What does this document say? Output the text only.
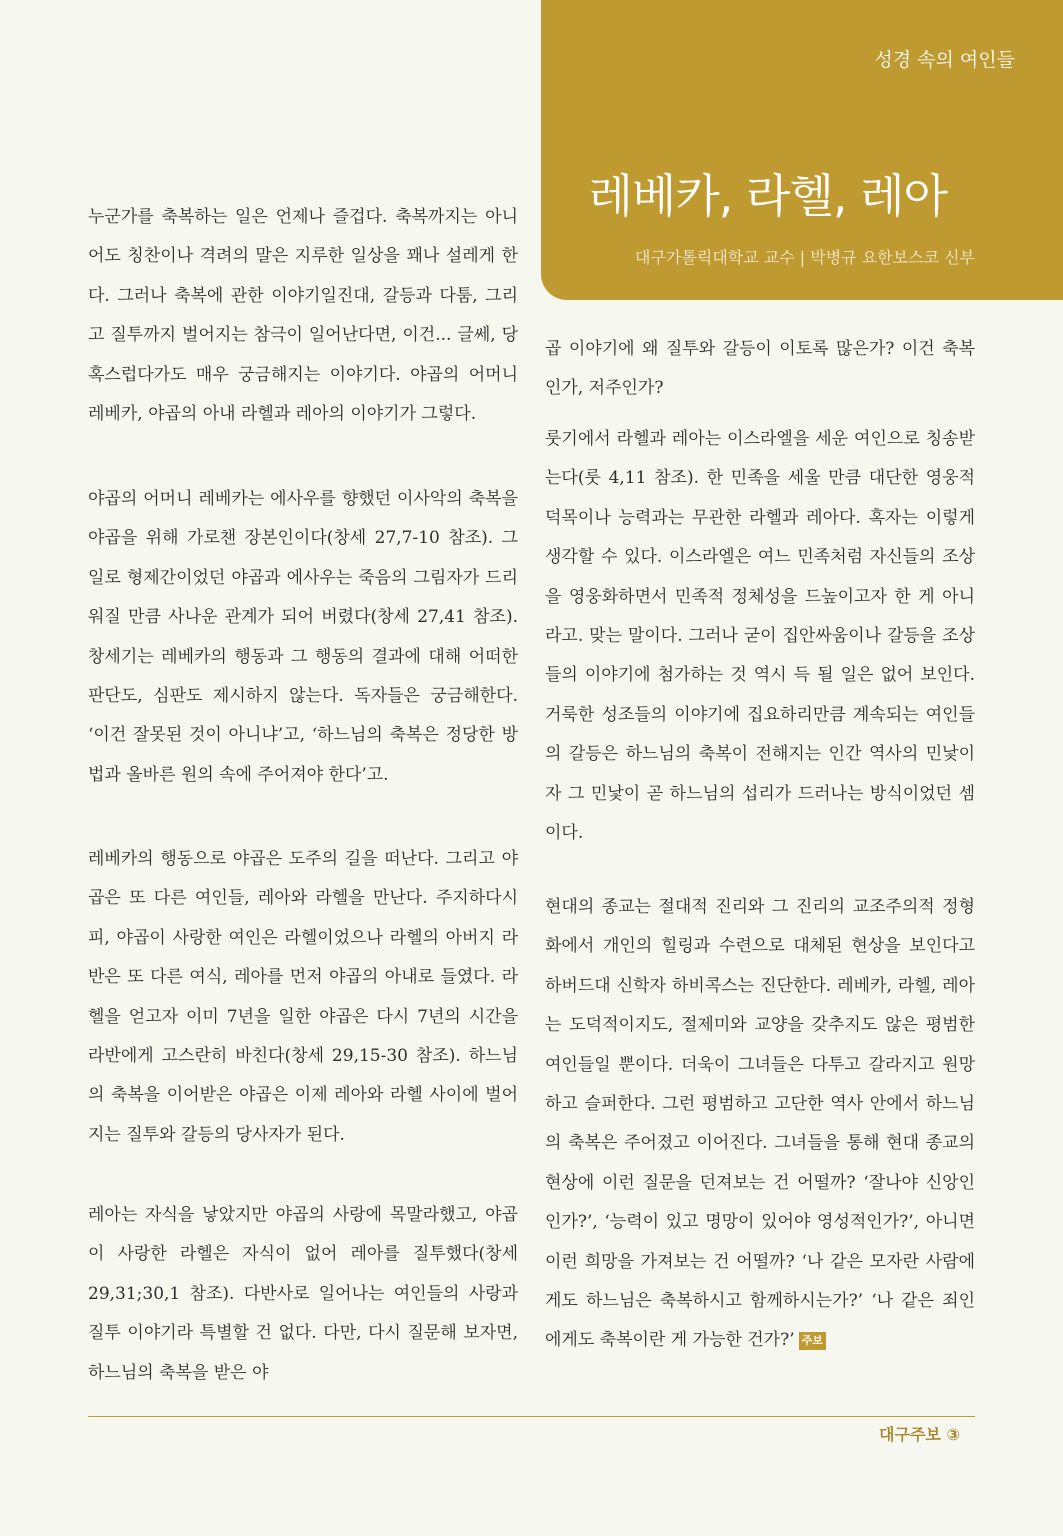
성경 속의 여인들
레베카, 라헬, 레아
대구가톨릭대학교 교수 | 박병규 요한보스코 신부

누군가를 축복하는 일은 언제나 즐겁다. 축복까지는 아니어도 칭찬이나 격려의 말은 지루한 일상을 꽤나 설레게 한다. 그러나 축복에 관한 이야기일진대, 갈등과 다툼, 그리고 질투까지 벌어지는 참극이 일어난다면, 이건... 글쎄, 당혹스럽다가도 매우 궁금해지는 이야기다. 야곱의 어머니 레베카, 야곱의 아내 라헬과 레아의 이야기가 그렇다.

야곱의 어머니 레베카는 에사우를 향했던 이사악의 축복을 야곱을 위해 가로챈 장본인이다(창세 27,7-10 참조). 그 일로 형제간이었던 야곱과 에사우는 죽음의 그림자가 드리워질 만큼 사나운 관계가 되어 버렸다(창세 27,41 참조). 창세기는 레베카의 행동과 그 행동의 결과에 대해 어떠한 판단도, 심판도 제시하지 않는다. 독자들은 궁금해한다. ‘이건 잘못된 것이 아니냐’고, ‘하느님의 축복은 정당한 방법과 올바른 원의 속에 주어져야 한다’고.

레베카의 행동으로 야곱은 도주의 길을 떠난다. 그리고 야곱은 또 다른 여인들, 레아와 라헬을 만난다. 주지하다시피, 야곱이 사랑한 여인은 라헬이었으나 라헬의 아버지 라반은 또 다른 여식, 레아를 먼저 야곱의 아내로 들였다. 라헬을 얻고자 이미 7년을 일한 야곱은 다시 7년의 시간을 라반에게 고스란히 바친다(창세 29,15-30 참조). 하느님의 축복을 이어받은 야곱은 이제 레아와 라헬 사이에 벌어지는 질투와 갈등의 당사자가 된다.

레아는 자식을 낳았지만 야곱의 사랑에 목말라했고, 야곱이 사랑한 라헬은 자식이 없어 레아를 질투했다(창세 29,31;30,1 참조). 다반사로 일어나는 여인들의 사랑과 질투 이야기라 특별할 건 없다. 다만, 다시 질문해 보자면, 하느님의 축복을 받은 야

곱 이야기에 왜 질투와 갈등이 이토록 많은가? 이건 축복인가, 저주인가?

룻기에서 라헬과 레아는 이스라엘을 세운 여인으로 칭송받는다(룻 4,11 참조). 한 민족을 세울 만큼 대단한 영웅적 덕목이나 능력과는 무관한 라헬과 레아다. 혹자는 이렇게 생각할 수 있다. 이스라엘은 여느 민족처럼 자신들의 조상을 영웅화하면서 민족적 정체성을 드높이고자 한 게 아니라고. 맞는 말이다. 그러나 굳이 집안싸움이나 갈등을 조상들의 이야기에 첨가하는 것 역시 득 될 일은 없어 보인다. 거룩한 성조들의 이야기에 집요하리만큼 계속되는 여인들의 갈등은 하느님의 축복이 전해지는 인간 역사의 민낯이자 그 민낯이 곧 하느님의 섭리가 드러나는 방식이었던 셈이다.

현대의 종교는 절대적 진리와 그 진리의 교조주의적 정형화에서 개인의 힐링과 수련으로 대체된 현상을 보인다고 하버드대 신학자 하비콕스는 진단한다. 레베카, 라헬, 레아는 도덕적이지도, 절제미와 교양을 갖추지도 않은 평범한 여인들일 뿐이다. 더욱이 그녀들은 다투고 갈라지고 원망하고 슬퍼한다. 그런 평범하고 고단한 역사 안에서 하느님의 축복은 주어졌고 이어진다. 그녀들을 통해 현대 종교의 현상에 이런 질문을 던져보는 건 어떨까? ‘잘나야 신앙인인가?’, ‘능력이 있고 명망이 있어야 영성적인가?’, 아니면 이런 희망을 가져보는 건 어떨까? ‘나 같은 모자란 사람에게도 하느님은 축복하시고 함께하시는가?’ ‘나 같은 죄인에게도 축복이란 게 가능한 건가?’ 주보

대구주보 ③
